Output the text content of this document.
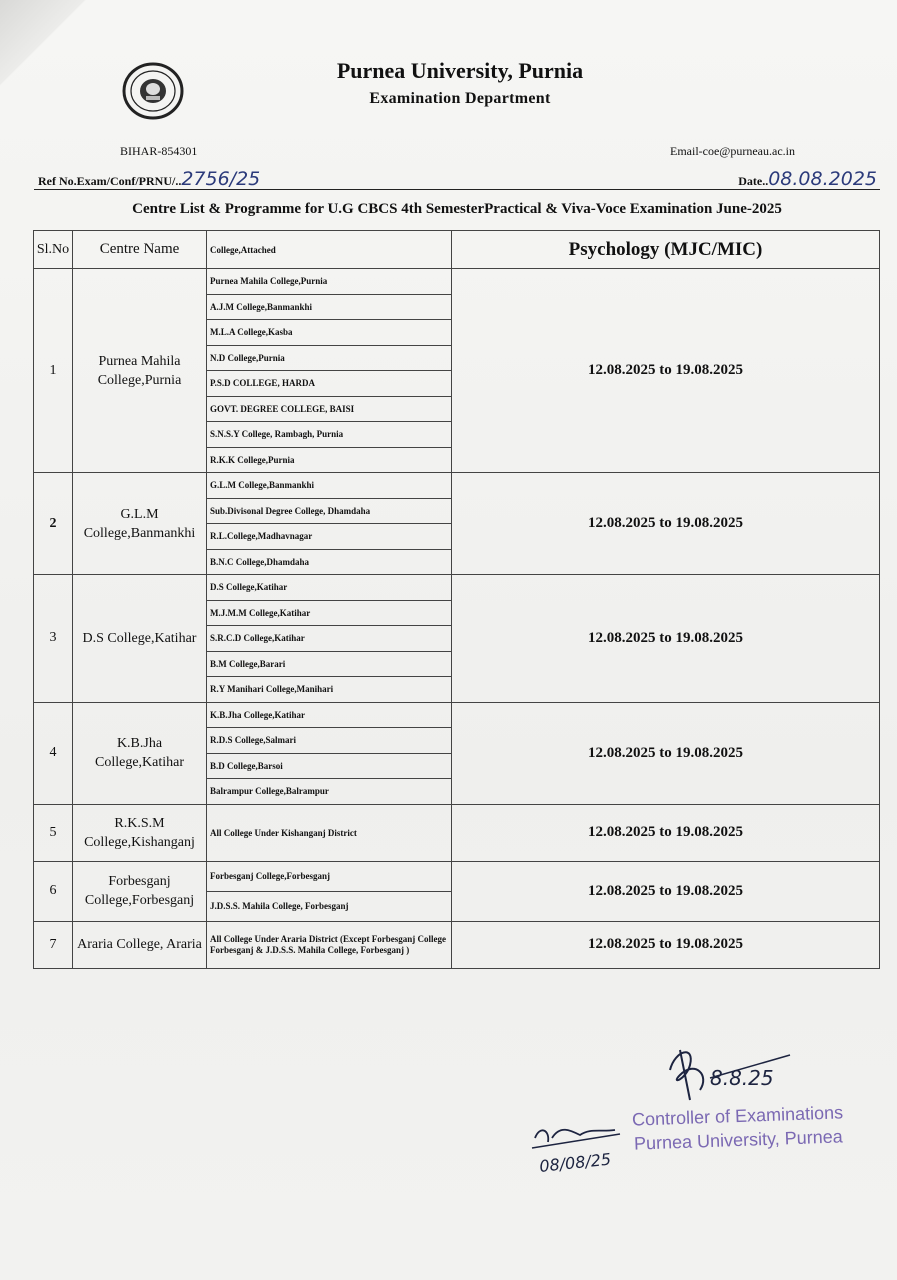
Purnea University, Purnia
Examination Department
BIHAR-854301	Email-coe@purneau.ac.in
Ref No.Exam/Conf/PRNU/..2756/25	Date..08.08.2025
Centre List & Programme for U.G CBCS 4th SemesterPractical & Viva-Voce Examination June-2025
Sl.No	Centre Name	College,Attached	Psychology (MJC/MIC)
1	Purnea Mahila College,Purnia	Purnea Mahila College,Purnia	12.08.2025 to 19.08.2025
		A.J.M College,Banmankhi	
		M.L.A College,Kasba	
		N.D College,Purnia	
		P.S.D COLLEGE, HARDA	
		GOVT. DEGREE COLLEGE, BAISI	
		S.N.S.Y College, Rambagh, Purnia	
		R.K.K College,Purnia	
2	G.L.M College,Banmankhi	G.L.M College,Banmankhi	12.08.2025 to 19.08.2025
		Sub.Divisonal Degree College, Dhamdaha	
		R.L.College,Madhavnagar	
		B.N.C College,Dhamdaha	
3	D.S College,Katihar	D.S College,Katihar	12.08.2025 to 19.08.2025
		M.J.M.M College,Katihar	
		S.R.C.D College,Katihar	
		B.M College,Barari	
		R.Y Manihari College,Manihari	
4	K.B.Jha College,Katihar	K.B.Jha College,Katihar	12.08.2025 to 19.08.2025
		R.D.S College,Salmari	
		B.D College,Barsoi	
		Balrampur College,Balrampur	
5	R.K.S.M College,Kishanganj	All College Under Kishanganj District	12.08.2025 to 19.08.2025
6	Forbesganj College,Forbesganj	Forbesganj College,Forbesganj	12.08.2025 to 19.08.2025
		J.D.S.S. Mahila College, Forbesganj	
7	Araria College, Araria	All College Under Araria District (Except Forbesganj College Forbesganj & J.D.S.S. Mahila College, Forbesganj )	12.08.2025 to 19.08.2025
8.8.25
08/08/25
Controller of Examinations
Purnea University, Purnea
